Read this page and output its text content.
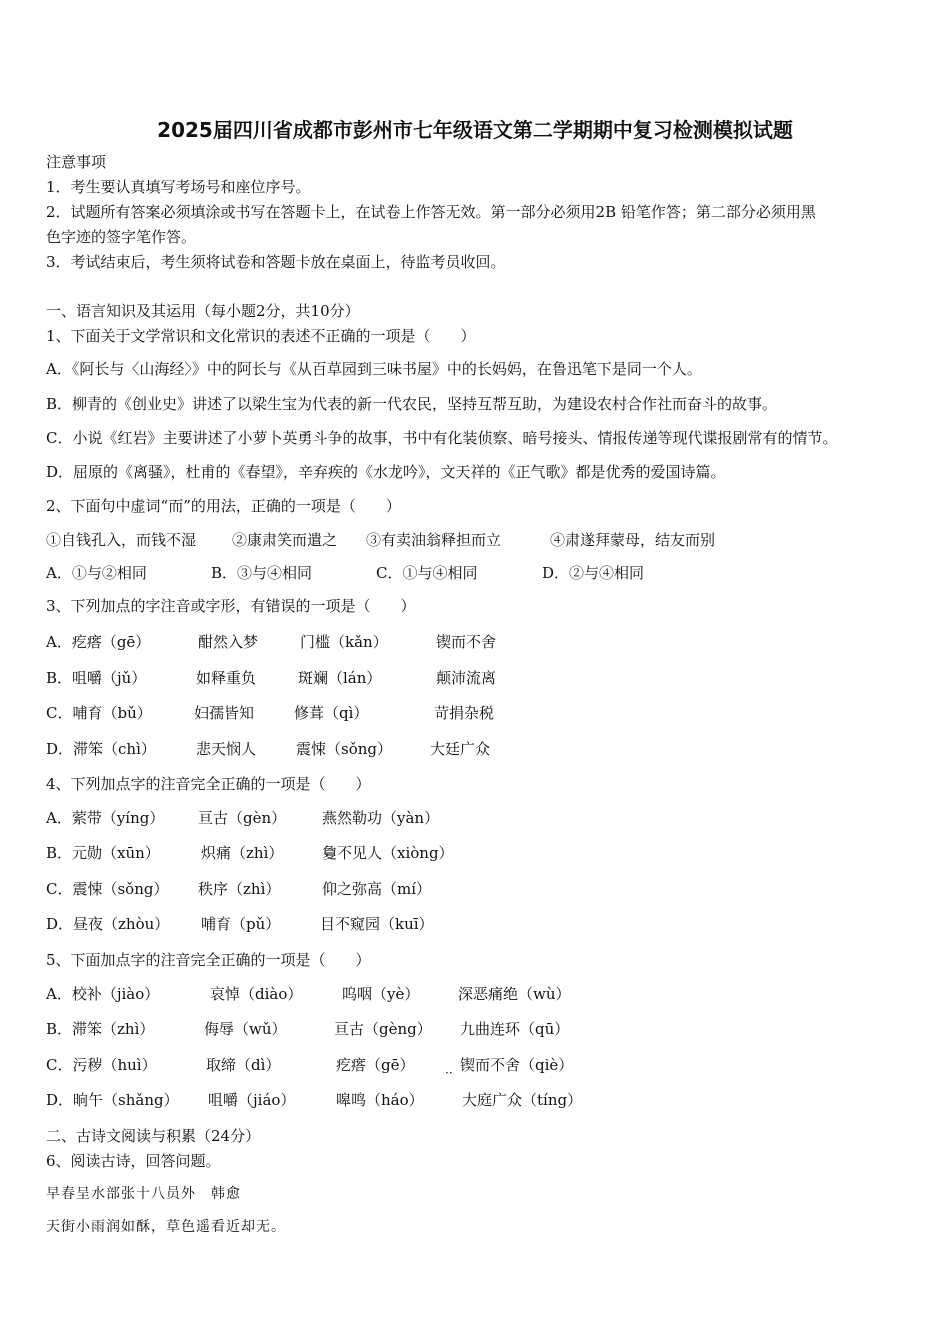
2025届四川省成都市彭州市七年级语文第二学期期中复习检测模拟试题
注意事项
1．考生要认真填写考场号和座位序号。
2．试题所有答案必须填涂或书写在答题卡上，在试卷上作答无效。第一部分必须用2B 铅笔作答；第二部分必须用黑
色字迹的签字笔作答。
3．考试结束后，考生须将试卷和答题卡放在桌面上，待监考员收回。
一、语言知识及其运用（每小题2分，共10分）
1、下面关于文学常识和文化常识的表述不正确的一项是（　　）
A．《阿长与〈山海经〉》中的阿长与《从百草园到三味书屋》中的长妈妈，在鲁迅笔下是同一个人。
B．柳青的《创业史》讲述了以梁生宝为代表的新一代农民，坚持互帮互助，为建设农村合作社而奋斗的故事。
C．小说《红岩》主要讲述了小萝卜英勇斗争的故事，书中有化装侦察、暗号接头、情报传递等现代谍报剧常有的情节。
D．屈原的《离骚》，杜甫的《春望》，辛弃疾的《水龙吟》，文天祥的《正气歌》都是优秀的爱国诗篇。
2、下面句中虚词“而”的用法，正确的一项是（　　）
①自钱孔入，而钱不湿 ②康肃笑而遣之 ③有卖油翁释担而立	④肃遂拜蒙母，结友而别
A．①与②相同	B．③与④相同	C．①与④相同	D．②与④相同
3、下列加点的字注音或字形，有错误的一项是（　　）
A．疙瘩（gē）	酣然入梦	门槛（kǎn）	锲而不舍
B．咀嚼（jǔ）	如释重负	斑斓（lán）	颠沛流离
C．哺育（bǔ）	妇孺皆知	修葺（qì）	苛捐杂税
D．滞笨（chì）	悲天悯人	震悚（sǒng）	大廷广众
4、下列加点字的注音完全正确的一项是（　　）
A．萦带（yíng） 亘古（gèn） 燕然勒功（yàn）
B．元勋（xūn）	炽痛（zhì）	敻不见人（xiòng）
C．震悚（sǒng） 秩序（zhì）	仰之弥高（mí）
D．昼夜（zhòu） 哺育（pǔ）	目不窥园（kuī）
5、下面加点字的注音完全正确的一项是（　　）
A．校补（jiào）	哀悼（diào）	呜咽（yè）	深恶痛绝（wù）
B．滞笨（zhì）	侮辱（wǔ）	亘古（gèng） 九曲连环（qū）
C．污秽（huì）	取缔（dì）	疙瘩（gē）	锲而不舍（qiè）
··
D．晌午（shǎng） 咀嚼（jiáo）	嗥鸣（háo）	大庭广众（tíng）
二、古诗文阅读与积累（24分）
6、阅读古诗，回答问题。
早春呈水部张十八员外　韩愈
天街小雨润如酥，草色遥看近却无。
